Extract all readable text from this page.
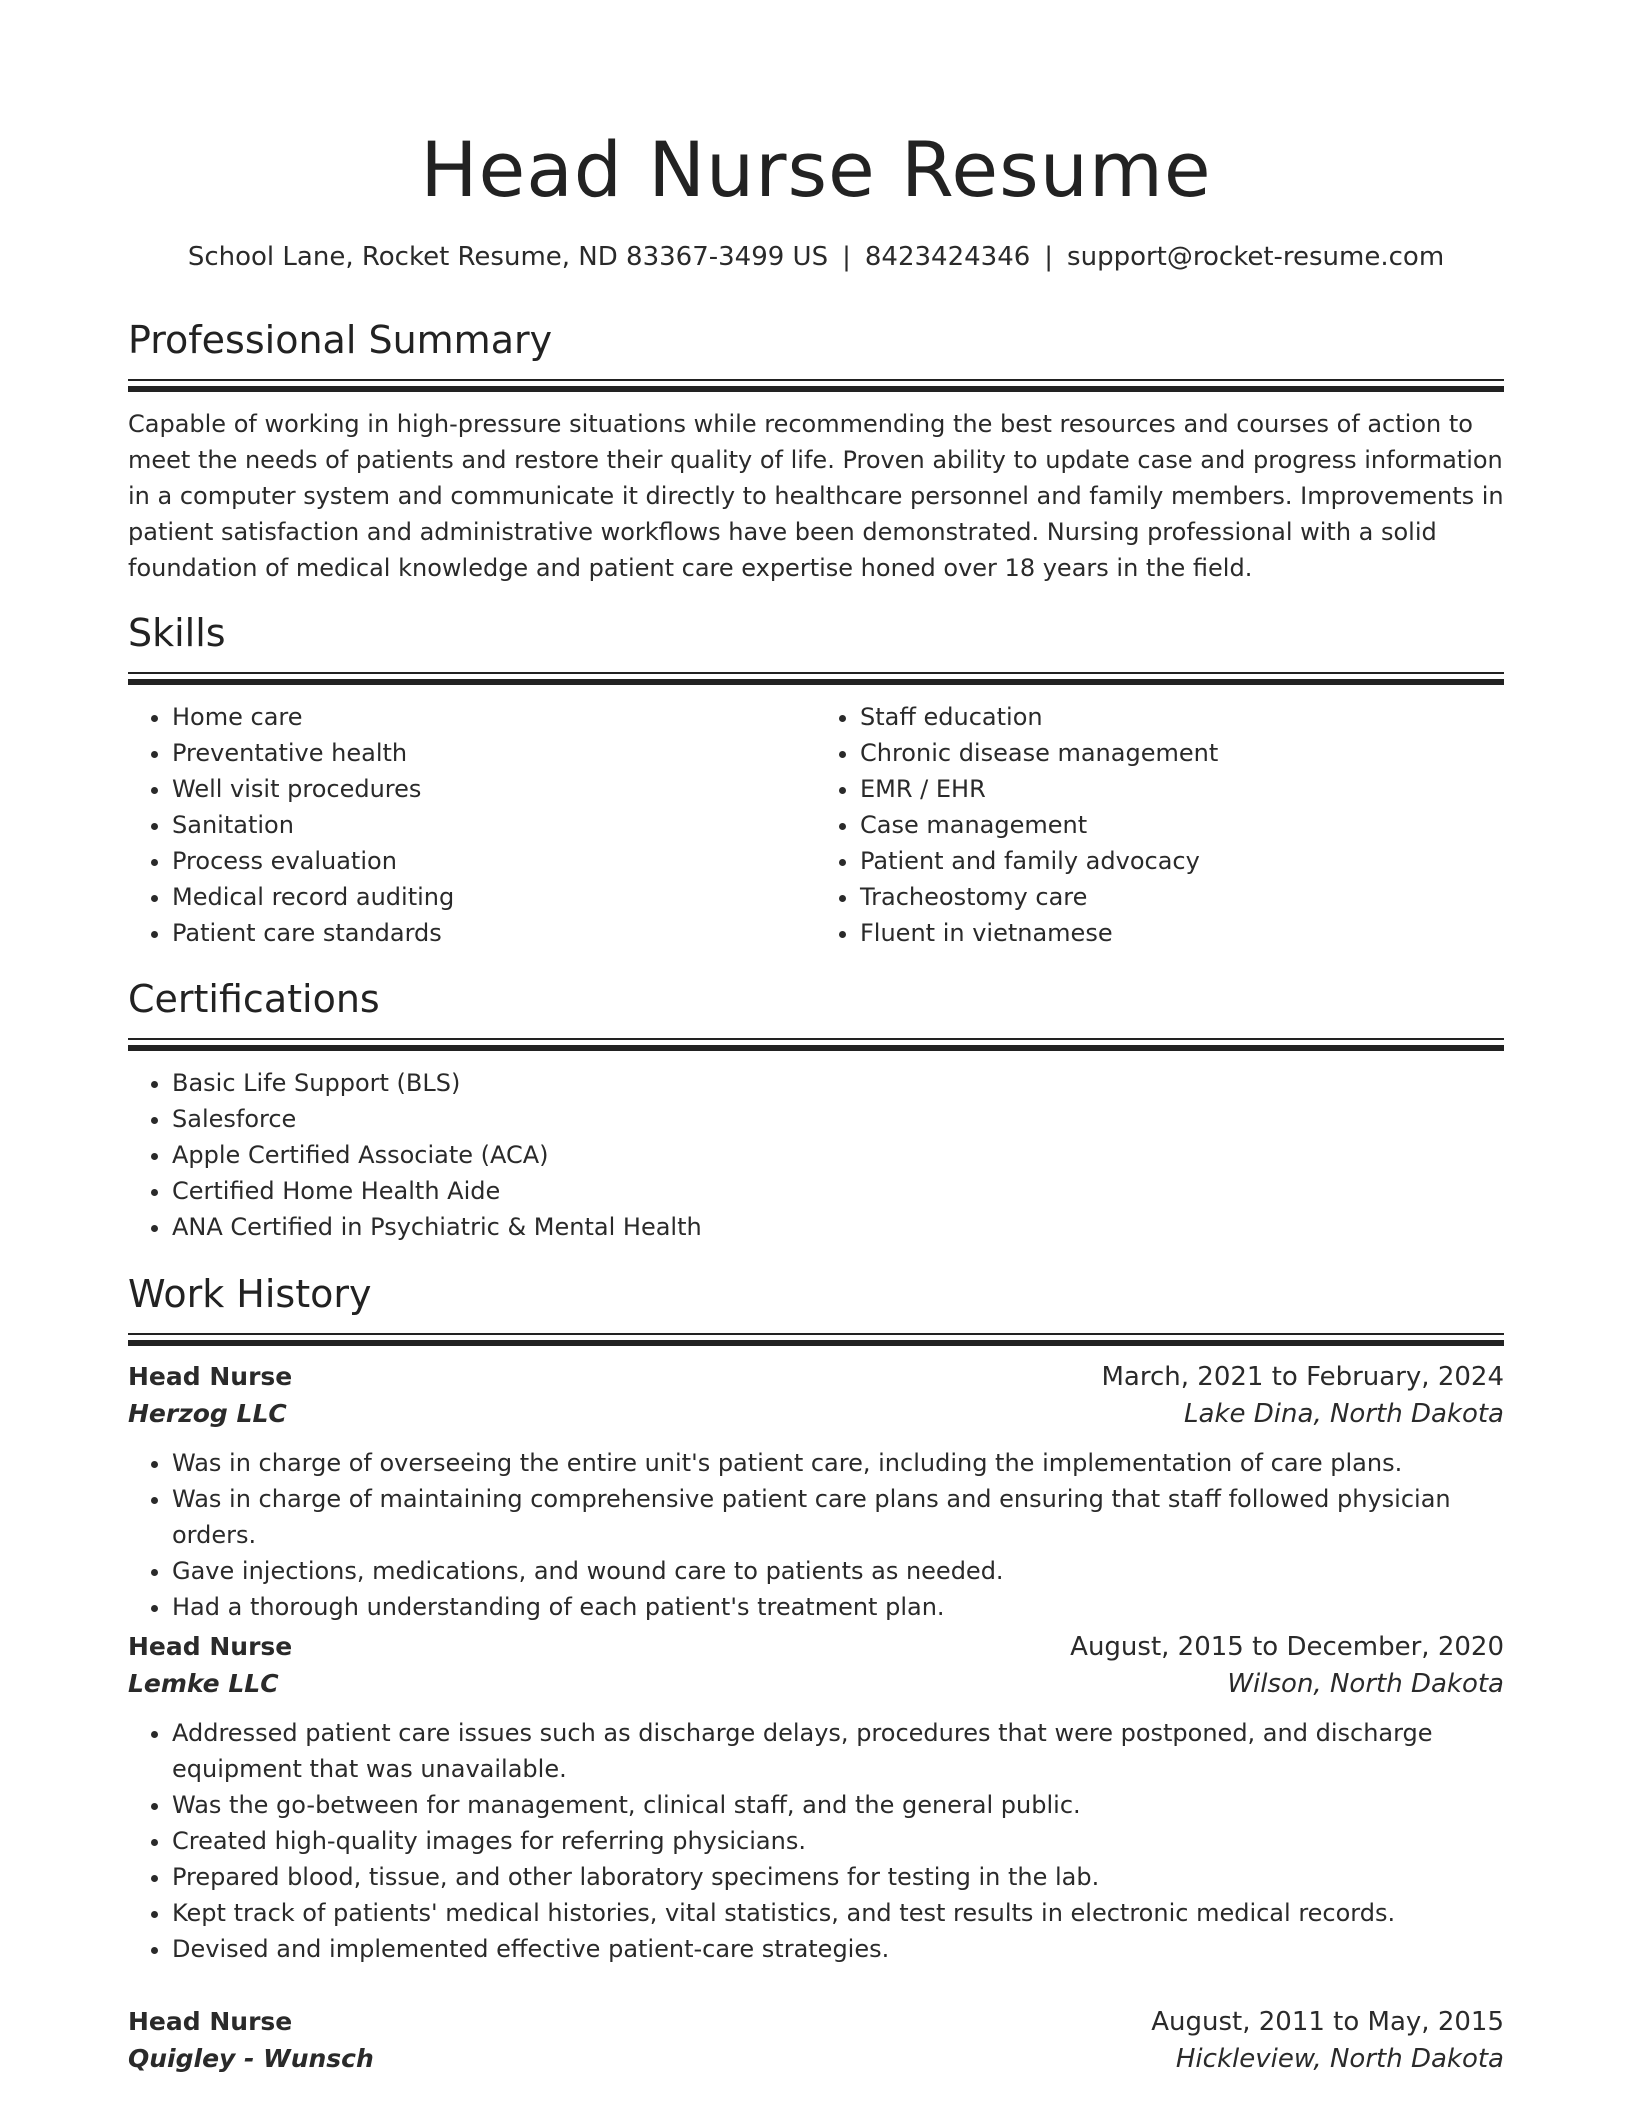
Head Nurse Resume
School Lane, Rocket Resume, ND 83367-3499 US | 8423424346 | support@rocket-resume.com
Professional Summary
Capable of working in high-pressure situations while recommending the best resources and courses of action to meet the needs of patients and restore their quality of life. Proven ability to update case and progress information in a computer system and communicate it directly to healthcare personnel and family members. Improvements in patient satisfaction and administrative workflows have been demonstrated. Nursing professional with a solid foundation of medical knowledge and patient care expertise honed over 18 years in the field.
Skills
• Home care
• Preventative health
• Well visit procedures
• Sanitation
• Process evaluation
• Medical record auditing
• Patient care standards
• Staff education
• Chronic disease management
• EMR / EHR
• Case management
• Patient and family advocacy
• Tracheostomy care
• Fluent in vietnamese
Certifications
• Basic Life Support (BLS)
• Salesforce
• Apple Certified Associate (ACA)
• Certified Home Health Aide
• ANA Certified in Psychiatric & Mental Health
Work History
Head Nurse	March, 2021 to February, 2024
Herzog LLC	Lake Dina, North Dakota
• Was in charge of overseeing the entire unit's patient care, including the implementation of care plans.
• Was in charge of maintaining comprehensive patient care plans and ensuring that staff followed physician orders.
• Gave injections, medications, and wound care to patients as needed.
• Had a thorough understanding of each patient's treatment plan.
Head Nurse	August, 2015 to December, 2020
Lemke LLC	Wilson, North Dakota
• Addressed patient care issues such as discharge delays, procedures that were postponed, and discharge equipment that was unavailable.
• Was the go-between for management, clinical staff, and the general public.
• Created high-quality images for referring physicians.
• Prepared blood, tissue, and other laboratory specimens for testing in the lab.
• Kept track of patients' medical histories, vital statistics, and test results in electronic medical records.
• Devised and implemented effective patient-care strategies.
Head Nurse	August, 2011 to May, 2015
Quigley - Wunsch	Hickleview, North Dakota
